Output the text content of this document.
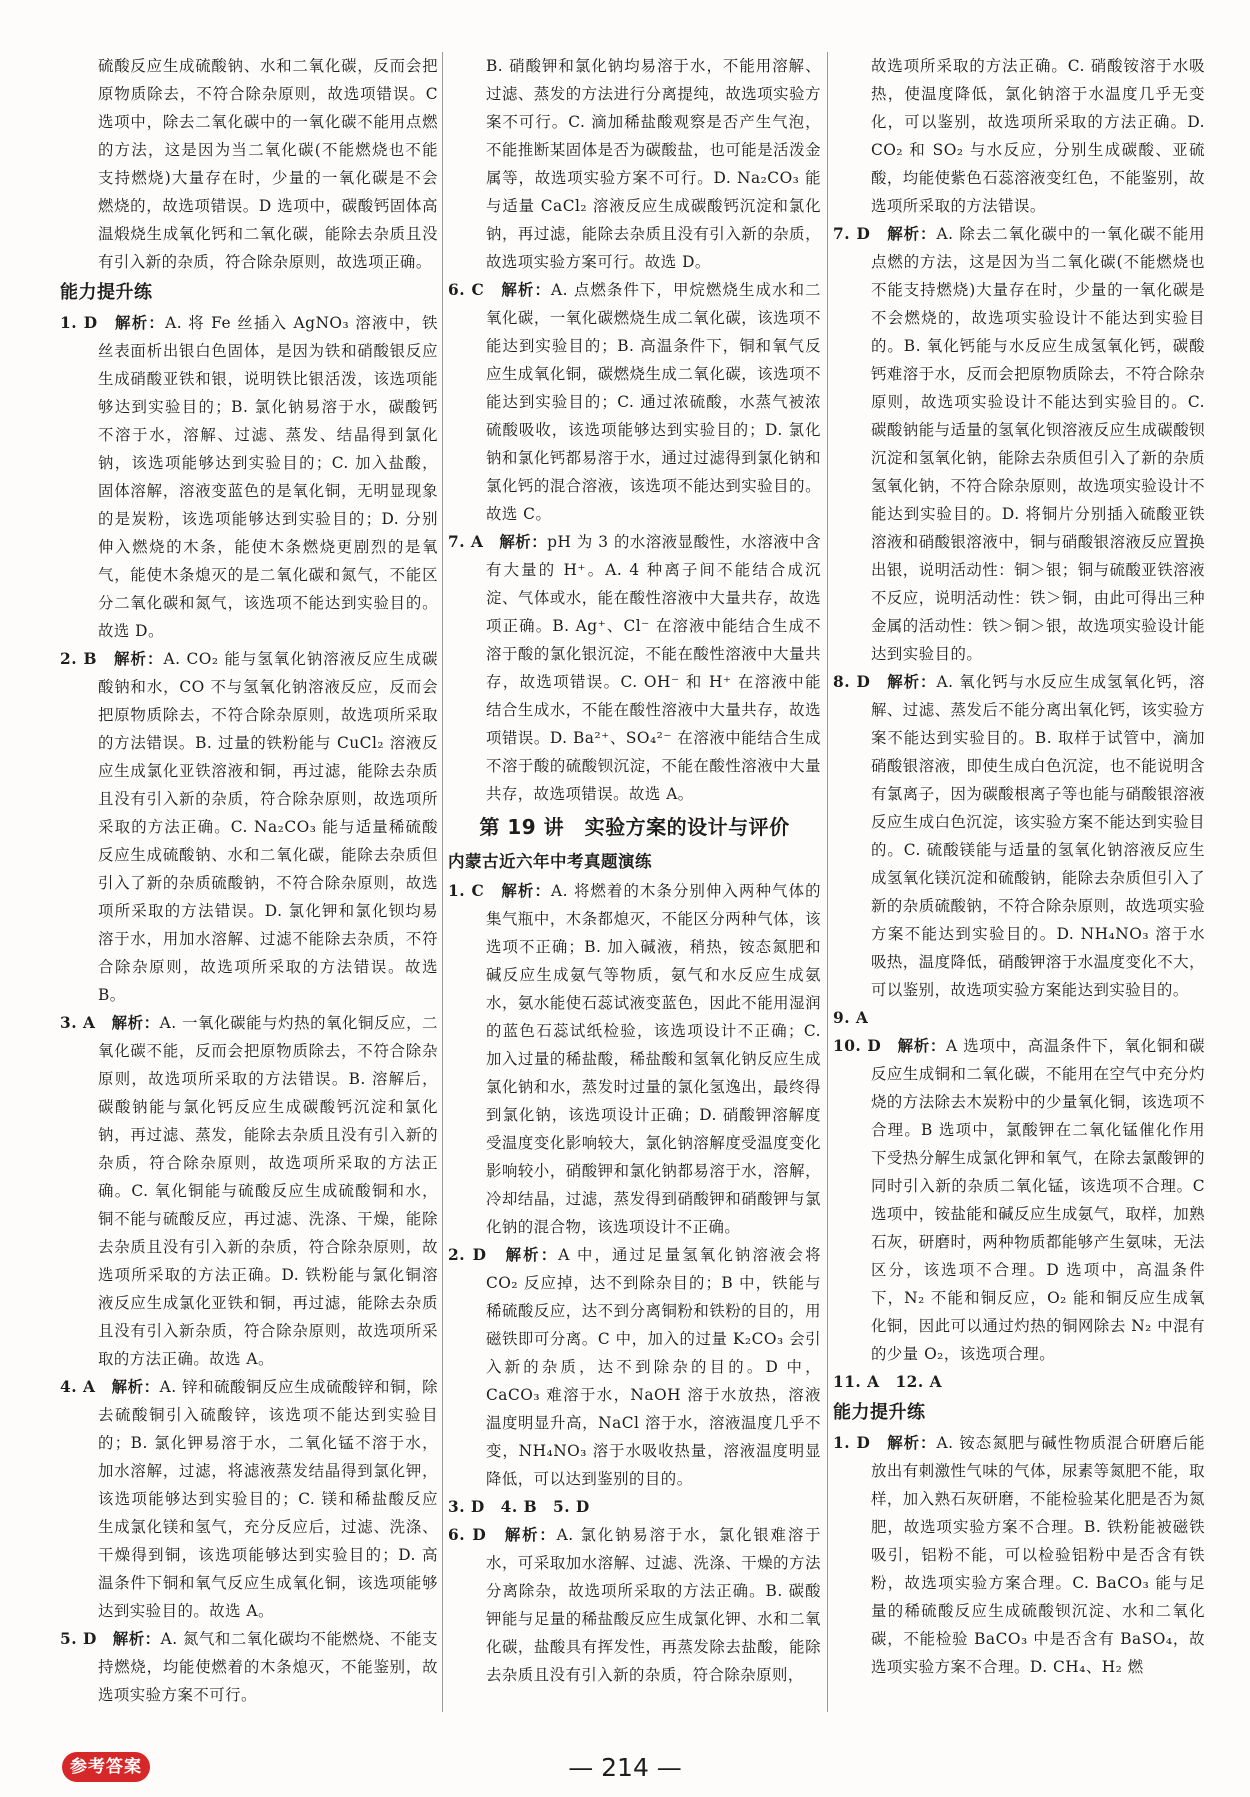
硫酸反应生成硫酸钠、水和二氧化碳，反而会把原物质除去，不符合除杂原则，故选项错误。C 选项中，除去二氧化碳中的一氧化碳不能用点燃的方法，这是因为当二氧化碳(不能燃烧也不能支持燃烧)大量存在时，少量的一氧化碳是不会燃烧的，故选项错误。D 选项中，碳酸钙固体高温煅烧生成氧化钙和二氧化碳，能除去杂质且没有引入新的杂质，符合除杂原则，故选项正确。

能力提升练

1. D　解析：A. 将 Fe 丝插入 AgNO₃ 溶液中，铁丝表面析出银白色固体，是因为铁和硝酸银反应生成硝酸亚铁和银，说明铁比银活泼，该选项能够达到实验目的；B. 氯化钠易溶于水，碳酸钙不溶于水，溶解、过滤、蒸发、结晶得到氯化钠，该选项能够达到实验目的；C. 加入盐酸，固体溶解，溶液变蓝色的是氧化铜，无明显现象的是炭粉，该选项能够达到实验目的；D. 分别伸入燃烧的木条，能使木条燃烧更剧烈的是氧气，能使木条熄灭的是二氧化碳和氮气，不能区分二氧化碳和氮气，该选项不能达到实验目的。故选 D。

2. B　解析：A. CO₂ 能与氢氧化钠溶液反应生成碳酸钠和水，CO 不与氢氧化钠溶液反应，反而会把原物质除去，不符合除杂原则，故选项所采取的方法错误。B. 过量的铁粉能与 CuCl₂ 溶液反应生成氯化亚铁溶液和铜，再过滤，能除去杂质且没有引入新的杂质，符合除杂原则，故选项所采取的方法正确。C. Na₂CO₃ 能与适量稀硫酸反应生成硫酸钠、水和二氧化碳，能除去杂质但引入了新的杂质硫酸钠，不符合除杂原则，故选项所采取的方法错误。D. 氯化钾和氯化钡均易溶于水，用加水溶解、过滤不能除去杂质，不符合除杂原则，故选项所采取的方法错误。故选 B。

3. A　解析：A. 一氧化碳能与灼热的氧化铜反应，二氧化碳不能，反而会把原物质除去，不符合除杂原则，故选项所采取的方法错误。B. 溶解后，碳酸钠能与氯化钙反应生成碳酸钙沉淀和氯化钠，再过滤、蒸发，能除去杂质且没有引入新的杂质，符合除杂原则，故选项所采取的方法正确。C. 氧化铜能与硫酸反应生成硫酸铜和水，铜不能与硫酸反应，再过滤、洗涤、干燥，能除去杂质且没有引入新的杂质，符合除杂原则，故选项所采取的方法正确。D. 铁粉能与氯化铜溶液反应生成氯化亚铁和铜，再过滤，能除去杂质且没有引入新杂质，符合除杂原则，故选项所采取的方法正确。故选 A。

4. A　解析：A. 锌和硫酸铜反应生成硫酸锌和铜，除去硫酸铜引入硫酸锌，该选项不能达到实验目的；B. 氯化钾易溶于水，二氧化锰不溶于水，加水溶解，过滤，将滤液蒸发结晶得到氯化钾，该选项能够达到实验目的；C. 镁和稀盐酸反应生成氯化镁和氢气，充分反应后，过滤、洗涤、干燥得到铜，该选项能够达到实验目的；D. 高温条件下铜和氧气反应生成氧化铜，该选项能够达到实验目的。故选 A。

5. D　解析：A. 氮气和二氧化碳均不能燃烧、不能支持燃烧，均能使燃着的木条熄灭，不能鉴别，故选项实验方案不可行。

B. 硝酸钾和氯化钠均易溶于水，不能用溶解、过滤、蒸发的方法进行分离提纯，故选项实验方案不可行。C. 滴加稀盐酸观察是否产生气泡，不能推断某固体是否为碳酸盐，也可能是活泼金属等，故选项实验方案不可行。D. Na₂CO₃ 能与适量 CaCl₂ 溶液反应生成碳酸钙沉淀和氯化钠，再过滤，能除去杂质且没有引入新的杂质，故选项实验方案可行。故选 D。

6. C　解析：A. 点燃条件下，甲烷燃烧生成水和二氧化碳，一氧化碳燃烧生成二氧化碳，该选项不能达到实验目的；B. 高温条件下，铜和氧气反应生成氧化铜，碳燃烧生成二氧化碳，该选项不能达到实验目的；C. 通过浓硫酸，水蒸气被浓硫酸吸收，该选项能够达到实验目的；D. 氯化钠和氯化钙都易溶于水，通过过滤得到氯化钠和氯化钙的混合溶液，该选项不能达到实验目的。故选 C。

7. A　解析：pH 为 3 的水溶液显酸性，水溶液中含有大量的 H⁺。A. 4 种离子间不能结合成沉淀、气体或水，能在酸性溶液中大量共存，故选项正确。B. Ag⁺、Cl⁻ 在溶液中能结合生成不溶于酸的氯化银沉淀，不能在酸性溶液中大量共存，故选项错误。C. OH⁻ 和 H⁺ 在溶液中能结合生成水，不能在酸性溶液中大量共存，故选项错误。D. Ba²⁺、SO₄²⁻ 在溶液中能结合生成不溶于酸的硫酸钡沉淀，不能在酸性溶液中大量共存，故选项错误。故选 A。

第 19 讲　实验方案的设计与评价

内蒙古近六年中考真题演练

1. C　解析：A. 将燃着的木条分别伸入两种气体的集气瓶中，木条都熄灭，不能区分两种气体，该选项不正确；B. 加入碱液，稍热，铵态氮肥和碱反应生成氨气等物质，氨气和水反应生成氨水，氨水能使石蕊试液变蓝色，因此不能用湿润的蓝色石蕊试纸检验，该选项设计不正确；C. 加入过量的稀盐酸，稀盐酸和氢氧化钠反应生成氯化钠和水，蒸发时过量的氯化氢逸出，最终得到氯化钠，该选项设计正确；D. 硝酸钾溶解度受温度变化影响较大，氯化钠溶解度受温度变化影响较小，硝酸钾和氯化钠都易溶于水，溶解，冷却结晶，过滤，蒸发得到硝酸钾和硝酸钾与氯化钠的混合物，该选项设计不正确。

2. D　解析：A 中，通过足量氢氧化钠溶液会将 CO₂ 反应掉，达不到除杂目的；B 中，铁能与稀硫酸反应，达不到分离铜粉和铁粉的目的，用磁铁即可分离。C 中，加入的过量 K₂CO₃ 会引入新的杂质，达不到除杂的目的。D 中，CaCO₃ 难溶于水，NaOH 溶于水放热，溶液温度明显升高，NaCl 溶于水，溶液温度几乎不变，NH₄NO₃ 溶于水吸收热量，溶液温度明显降低，可以达到鉴别的目的。

3. D　4. B　5. D

6. D　解析：A. 氯化钠易溶于水，氯化银难溶于水，可采取加水溶解、过滤、洗涤、干燥的方法分离除杂，故选项所采取的方法正确。B. 碳酸钾能与足量的稀盐酸反应生成氯化钾、水和二氧化碳，盐酸具有挥发性，再蒸发除去盐酸，能除去杂质且没有引入新的杂质，符合除杂原则，

故选项所采取的方法正确。C. 硝酸铵溶于水吸热，使温度降低，氯化钠溶于水温度几乎无变化，可以鉴别，故选项所采取的方法正确。D. CO₂ 和 SO₂ 与水反应，分别生成碳酸、亚硫酸，均能使紫色石蕊溶液变红色，不能鉴别，故选项所采取的方法错误。

7. D　解析：A. 除去二氧化碳中的一氧化碳不能用点燃的方法，这是因为当二氧化碳(不能燃烧也不能支持燃烧)大量存在时，少量的一氧化碳是不会燃烧的，故选项实验设计不能达到实验目的。B. 氧化钙能与水反应生成氢氧化钙，碳酸钙难溶于水，反而会把原物质除去，不符合除杂原则，故选项实验设计不能达到实验目的。C. 碳酸钠能与适量的氢氧化钡溶液反应生成碳酸钡沉淀和氢氧化钠，能除去杂质但引入了新的杂质氢氧化钠，不符合除杂原则，故选项实验设计不能达到实验目的。D. 将铜片分别插入硫酸亚铁溶液和硝酸银溶液中，铜与硝酸银溶液反应置换出银，说明活动性：铜＞银；铜与硫酸亚铁溶液不反应，说明活动性：铁＞铜，由此可得出三种金属的活动性：铁＞铜＞银，故选项实验设计能达到实验目的。

8. D　解析：A. 氧化钙与水反应生成氢氧化钙，溶解、过滤、蒸发后不能分离出氧化钙，该实验方案不能达到实验目的。B. 取样于试管中，滴加硝酸银溶液，即使生成白色沉淀，也不能说明含有氯离子，因为碳酸根离子等也能与硝酸银溶液反应生成白色沉淀，该实验方案不能达到实验目的。C. 硫酸镁能与适量的氢氧化钠溶液反应生成氢氧化镁沉淀和硫酸钠，能除去杂质但引入了新的杂质硫酸钠，不符合除杂原则，故选项实验方案不能达到实验目的。D. NH₄NO₃ 溶于水吸热，温度降低，硝酸钾溶于水温度变化不大，可以鉴别，故选项实验方案能达到实验目的。

9. A

10. D　解析：A 选项中，高温条件下，氧化铜和碳反应生成铜和二氧化碳，不能用在空气中充分灼烧的方法除去木炭粉中的少量氧化铜，该选项不合理。B 选项中，氯酸钾在二氧化锰催化作用下受热分解生成氯化钾和氧气，在除去氯酸钾的同时引入新的杂质二氧化锰，该选项不合理。C 选项中，铵盐能和碱反应生成氨气，取样，加熟石灰，研磨时，两种物质都能够产生氨味，无法区分，该选项不合理。D 选项中，高温条件下，N₂ 不能和铜反应，O₂ 能和铜反应生成氧化铜，因此可以通过灼热的铜网除去 N₂ 中混有的少量 O₂，该选项合理。

11. A　12. A

能力提升练

1. D　解析：A. 铵态氮肥与碱性物质混合研磨后能放出有刺激性气味的气体，尿素等氮肥不能，取样，加入熟石灰研磨，不能检验某化肥是否为氮肥，故选项实验方案不合理。B. 铁粉能被磁铁吸引，铝粉不能，可以检验铝粉中是否含有铁粉，故选项实验方案合理。C. BaCO₃ 能与足量的稀硫酸反应生成硫酸钡沉淀、水和二氧化碳，不能检验 BaCO₃ 中是否含有 BaSO₄，故选项实验方案不合理。D. CH₄、H₂ 燃

参考答案	— 214 —
